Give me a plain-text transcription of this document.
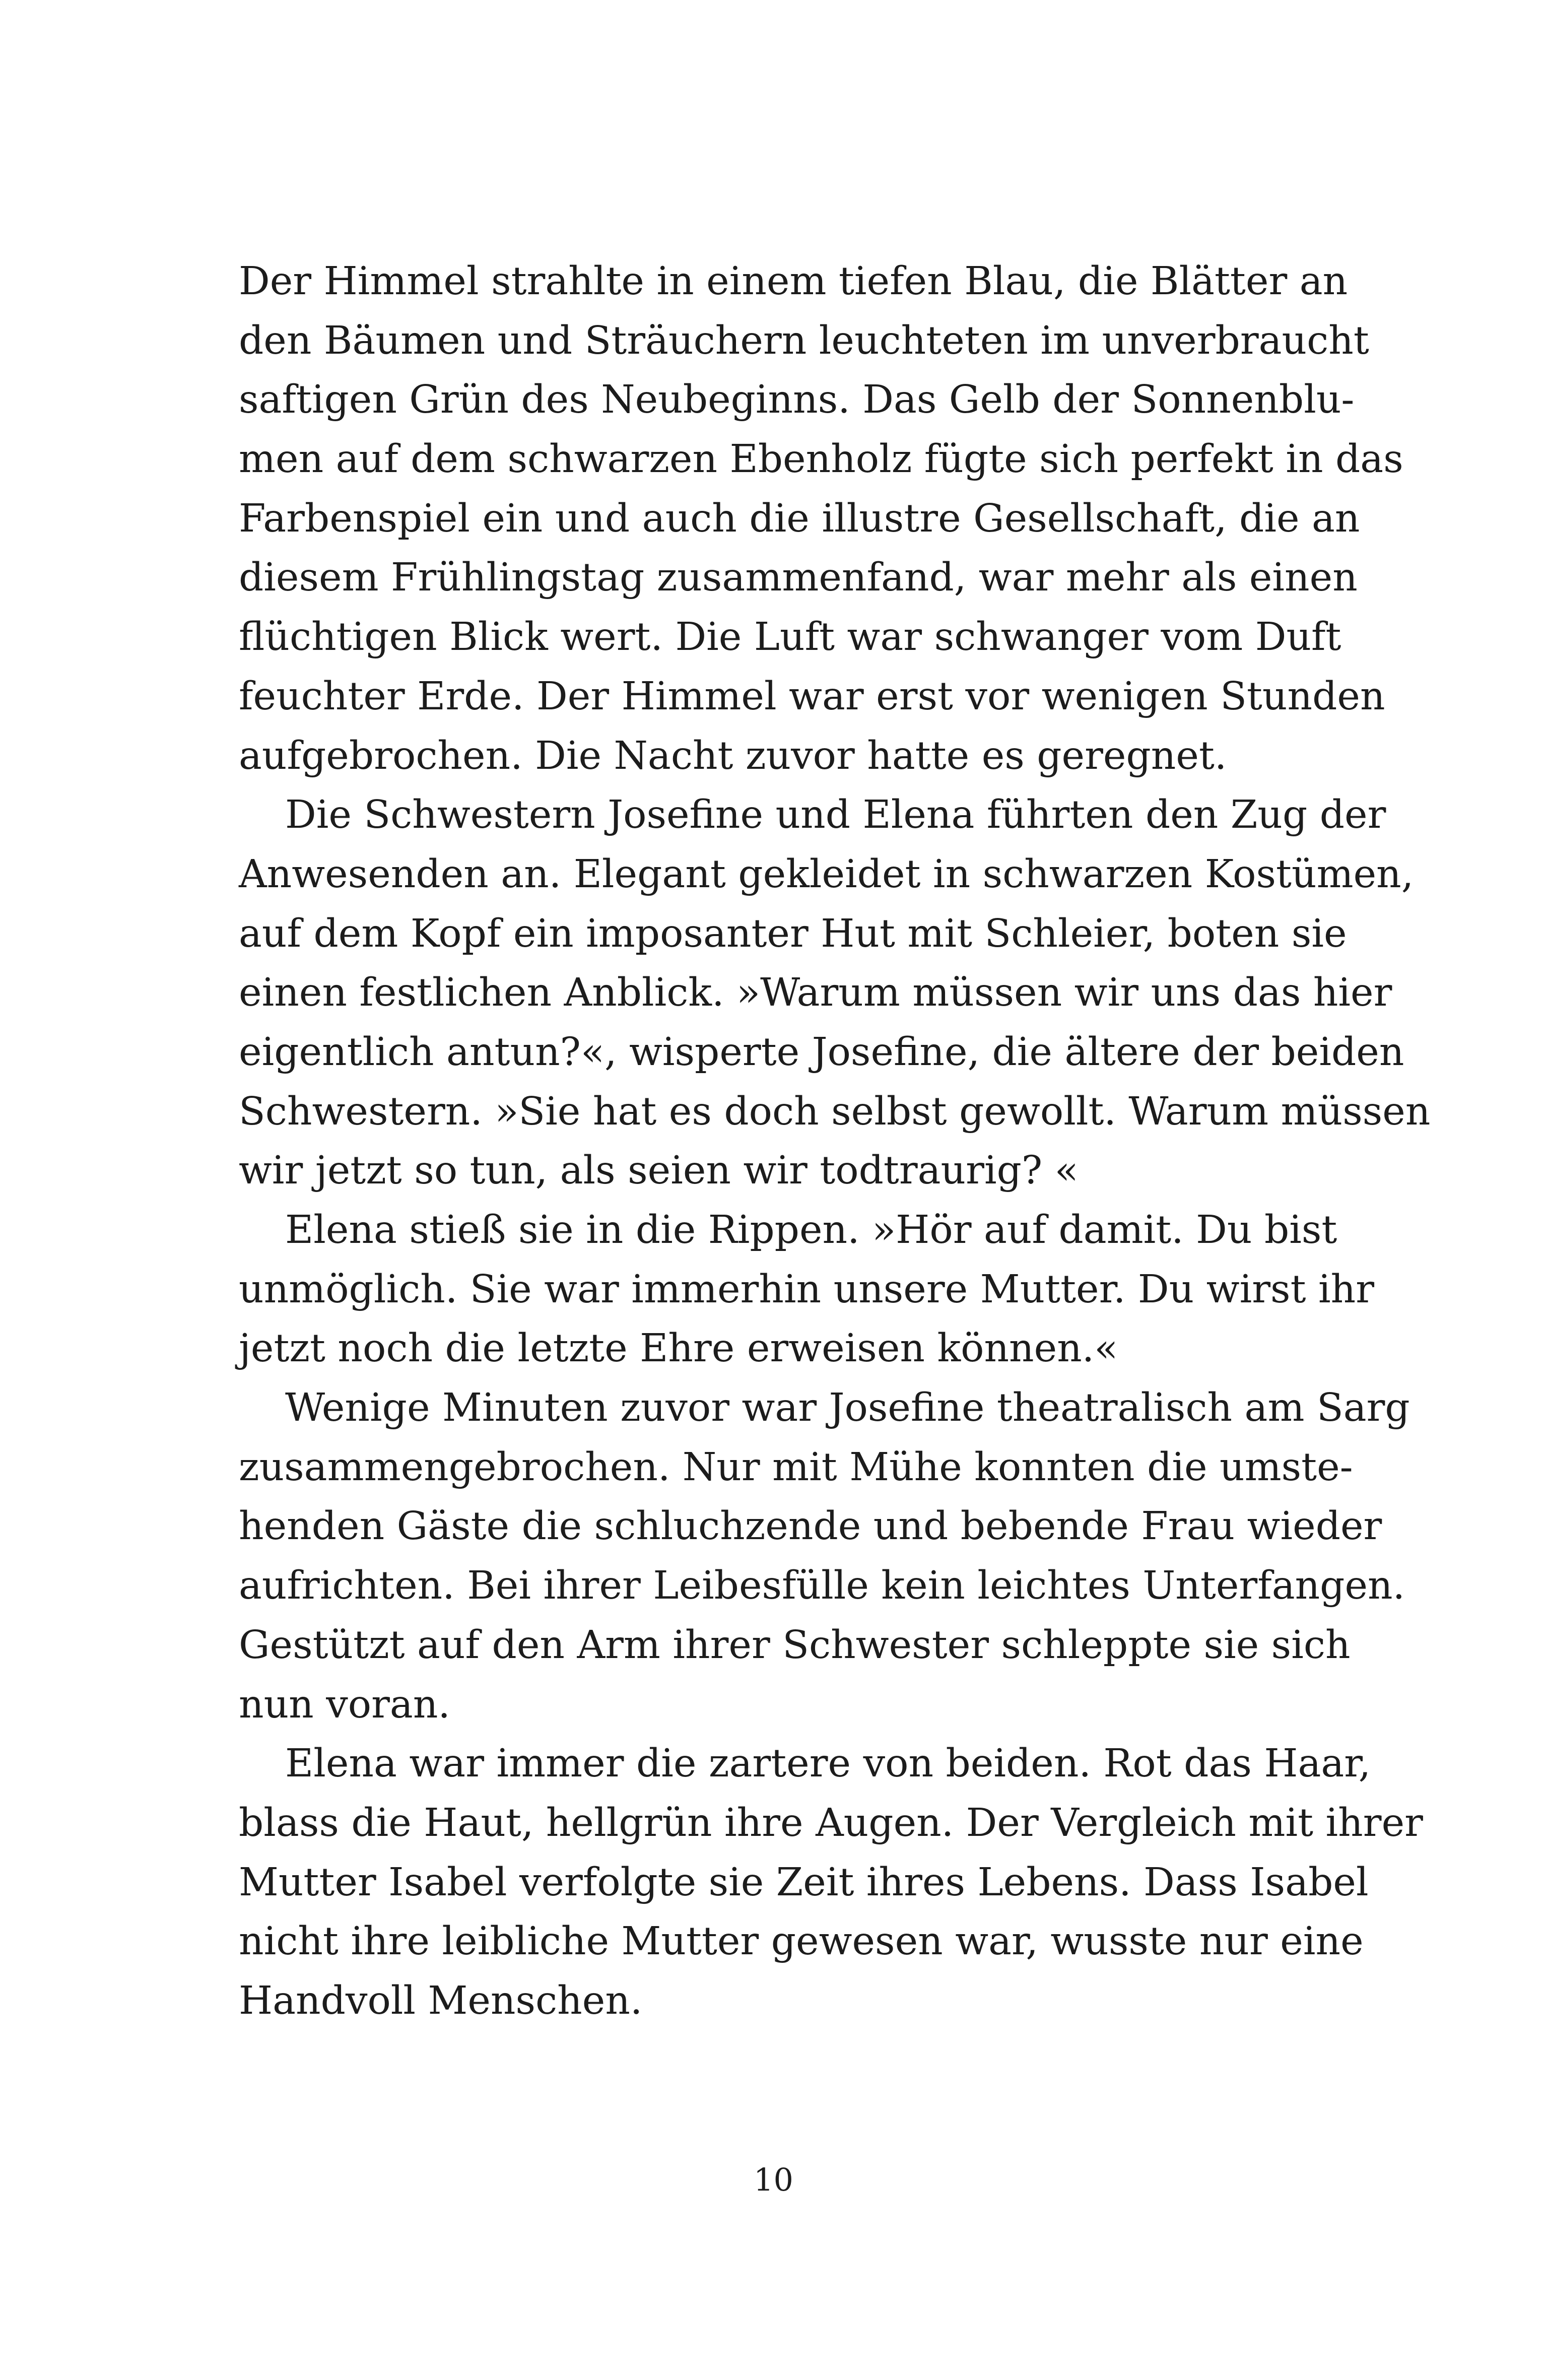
Der Himmel strahlte in einem tiefen Blau, die Blätter an
den Bäumen und Sträuchern leuchteten im unverbraucht
saftigen Grün des Neubeginns. Das Gelb der Sonnenblu-
men auf dem schwarzen Ebenholz fügte sich perfekt in das
Farbenspiel ein und auch die illustre Gesellschaft, die an
diesem Frühlingstag zusammenfand, war mehr als einen
flüchtigen Blick wert. Die Luft war schwanger vom Duft
feuchter Erde. Der Himmel war erst vor wenigen Stunden
aufgebrochen. Die Nacht zuvor hatte es geregnet.
Die Schwestern Josefine und Elena führten den Zug der
Anwesenden an. Elegant gekleidet in schwarzen Kostümen,
auf dem Kopf ein imposanter Hut mit Schleier, boten sie
einen festlichen Anblick. »Warum müssen wir uns das hier
eigentlich antun?«, wisperte Josefine, die ältere der beiden
Schwestern. »Sie hat es doch selbst gewollt. Warum müssen
wir jetzt so tun, als seien wir todtraurig? «
Elena stieß sie in die Rippen. »Hör auf damit. Du bist
unmöglich. Sie war immerhin unsere Mutter. Du wirst ihr
jetzt noch die letzte Ehre erweisen können.«
Wenige Minuten zuvor war Josefine theatralisch am Sarg
zusammengebrochen. Nur mit Mühe konnten die umste-
henden Gäste die schluchzende und bebende Frau wieder
aufrichten. Bei ihrer Leibesfülle kein leichtes Unterfangen.
Gestützt auf den Arm ihrer Schwester schleppte sie sich
nun voran.
Elena war immer die zartere von beiden. Rot das Haar,
blass die Haut, hellgrün ihre Augen. Der Vergleich mit ihrer
Mutter Isabel verfolgte sie Zeit ihres Lebens. Dass Isabel
nicht ihre leibliche Mutter gewesen war, wusste nur eine
Handvoll Menschen.
10
